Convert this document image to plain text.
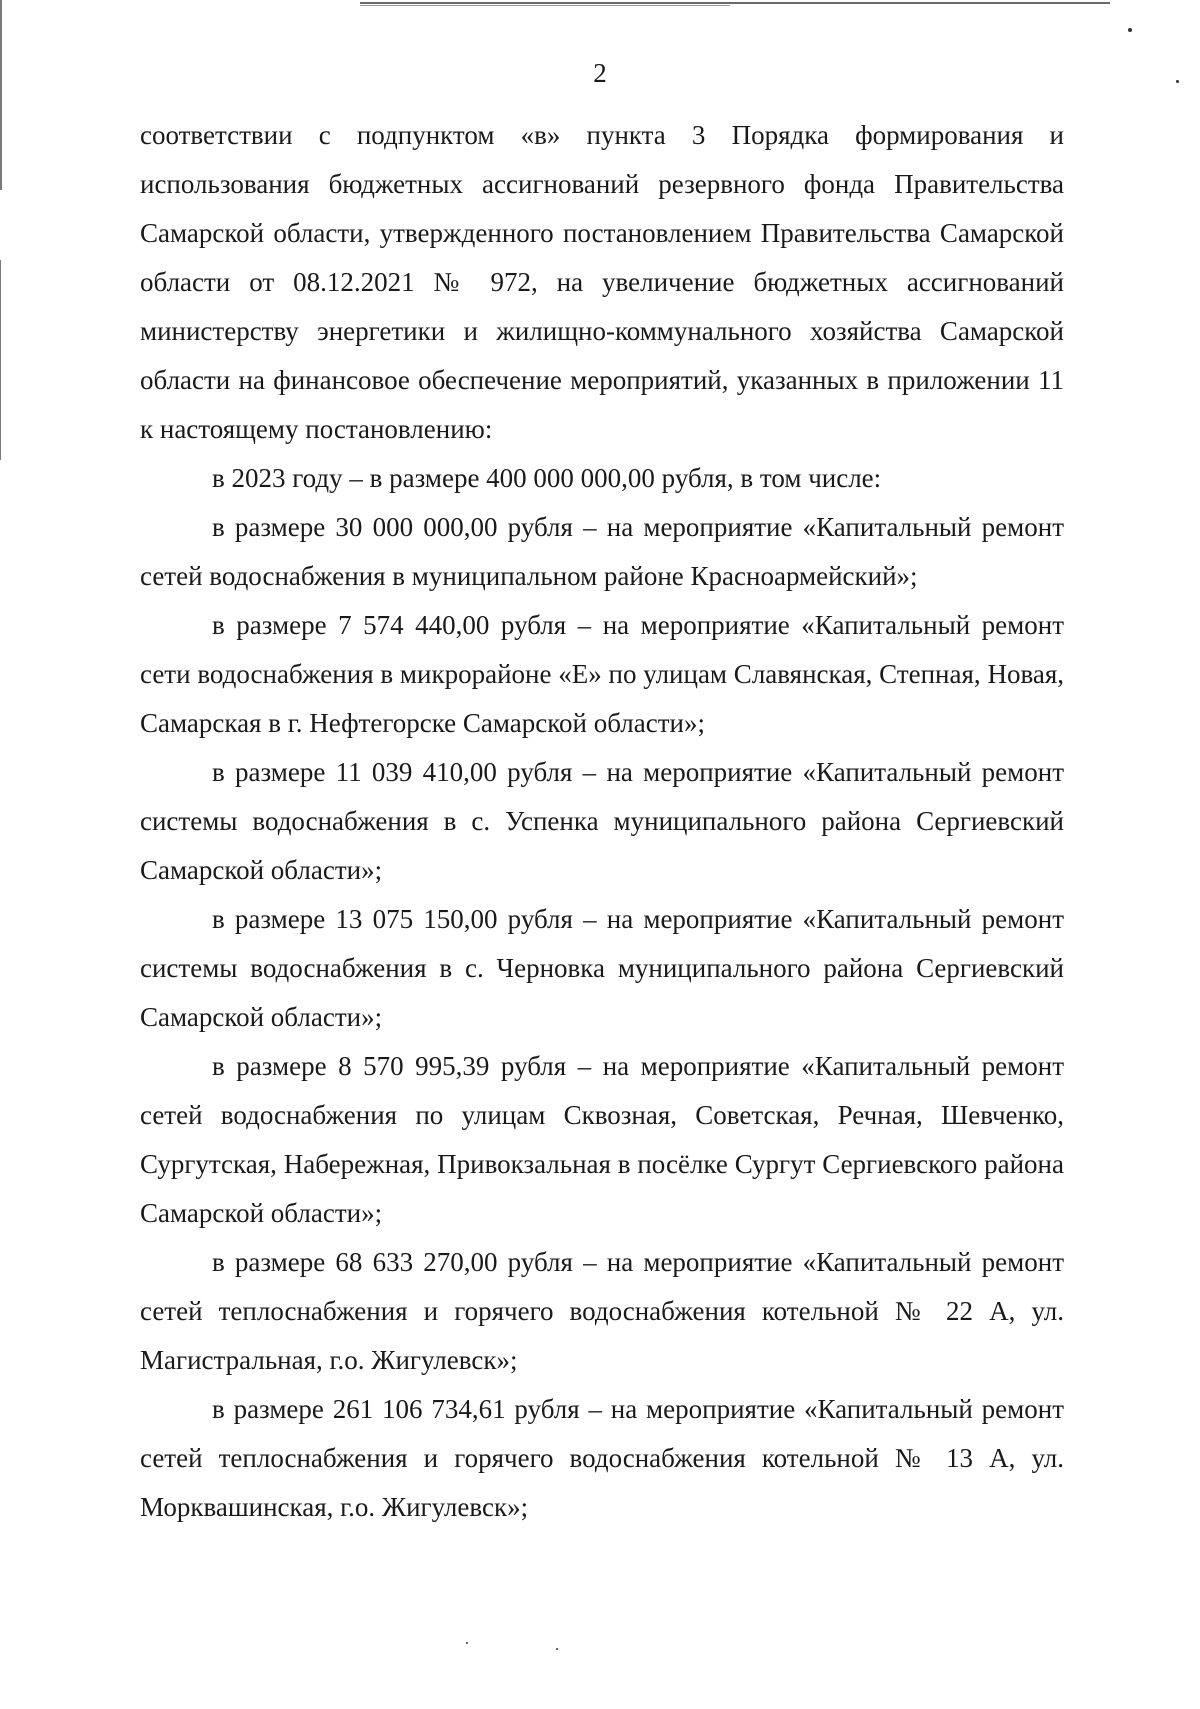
2

соответствии с подпунктом «в» пункта 3 Порядка формирования и использования бюджетных ассигнований резервного фонда Правительства Самарской области, утвержденного постановлением Правительства Самарской области от 08.12.2021 № 972, на увеличение бюджетных ассигнований министерству энергетики и жилищно-коммунального хозяйства Самарской области на финансовое обеспечение мероприятий, указанных в приложении 11 к настоящему постановлению:

в 2023 году – в размере 400 000 000,00 рубля, в том числе:

в размере 30 000 000,00 рубля – на мероприятие «Капитальный ремонт сетей водоснабжения в муниципальном районе Красноармейский»;

в размере 7 574 440,00 рубля – на мероприятие «Капитальный ремонт сети водоснабжения в микрорайоне «Е» по улицам Славянская, Степная, Новая, Самарская в г. Нефтегорске Самарской области»;

в размере 11 039 410,00 рубля – на мероприятие «Капитальный ремонт системы водоснабжения в с. Успенка муниципального района Сергиевский Самарской области»;

в размере 13 075 150,00 рубля – на мероприятие «Капитальный ремонт системы водоснабжения в с. Черновка муниципального района Сергиевский Самарской области»;

в размере 8 570 995,39 рубля – на мероприятие «Капитальный ремонт сетей водоснабжения по улицам Сквозная, Советская, Речная, Шевченко, Сургутская, Набережная, Привокзальная в посёлке Сургут Сергиевского района Самарской области»;

в размере 68 633 270,00 рубля – на мероприятие «Капитальный ремонт сетей теплоснабжения и горячего водоснабжения котельной № 22 А, ул. Магистральная, г.о. Жигулевск»;

в размере 261 106 734,61 рубля – на мероприятие «Капитальный ремонт сетей теплоснабжения и горячего водоснабжения котельной № 13 А, ул. Морквашинская, г.о. Жигулевск»;
